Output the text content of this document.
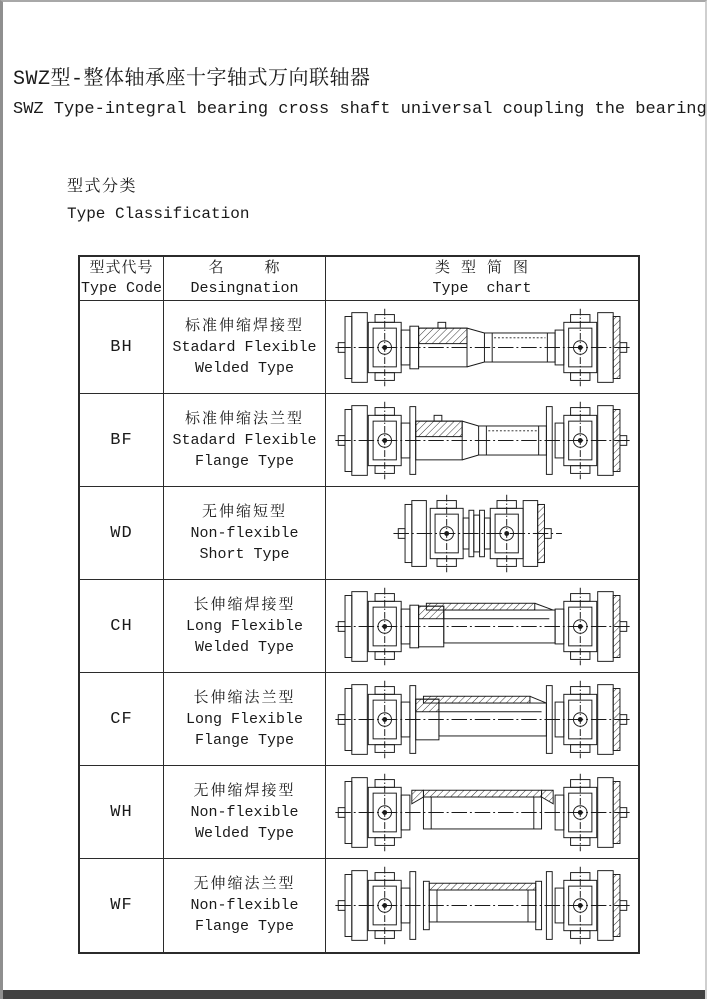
SWZ型-整体轴承座十字轴式万向联轴器
SWZ Type-integral bearing cross shaft universal coupling the bearing
型式分类
Type Classification
型式代号
Type Code
名    称
Desingnation
类 型 简 图
Type  chart
BH
标准伸缩焊接型
Stadard Flexible
Welded Type
BF
标准伸缩法兰型
Stadard Flexible
Flange Type
WD
无伸缩短型
Non-flexible
Short Type
CH
长伸缩焊接型
Long Flexible
Welded Type
CF
长伸缩法兰型
Long Flexible
Flange Type
WH
无伸缩焊接型
Non-flexible
Welded Type
WF
无伸缩法兰型
Non-flexible
Flange Type
